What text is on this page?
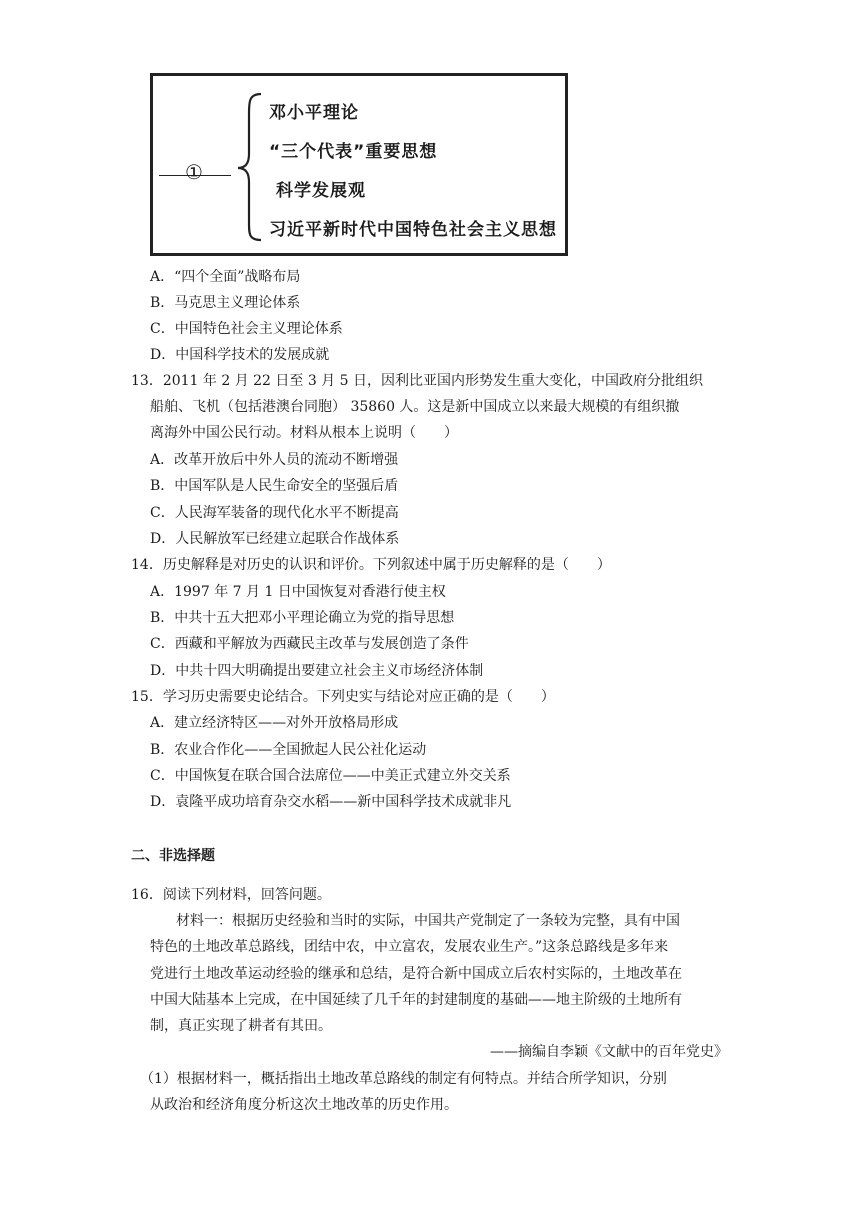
①
邓小平理论
“三个代表”重要思想
科学发展观
习近平新时代中国特色社会主义思想
A．“四个全面”战略布局
B．马克思主义理论体系
C．中国特色社会主义理论体系
D．中国科学技术的发展成就
13．2011 年 2 月 22 日至 3 月 5 日，因利比亚国内形势发生重大变化，中国政府分批组织
船舶、飞机（包括港澳台同胞） 35860 人。这是新中国成立以来最大规模的有组织撤
离海外中国公民行动。材料从根本上说明（　　）
A．改革开放后中外人员的流动不断增强
B．中国军队是人民生命安全的坚强后盾
C．人民海军装备的现代化水平不断提高
D．人民解放军已经建立起联合作战体系
14．历史解释是对历史的认识和评价。下列叙述中属于历史解释的是（　　）
A．1997 年 7 月 1 日中国恢复对香港行使主权
B．中共十五大把邓小平理论确立为党的指导思想
C．西藏和平解放为西藏民主改革与发展创造了条件
D．中共十四大明确提出要建立社会主义市场经济体制
15．学习历史需要史论结合。下列史实与结论对应正确的是（　　）
A．建立经济特区——对外开放格局形成
B．农业合作化——全国掀起人民公社化运动
C．中国恢复在联合国合法席位——中美正式建立外交关系
D．袁隆平成功培育杂交水稻——新中国科学技术成就非凡
二、非选择题
16．阅读下列材料，回答问题。
材料一：根据历史经验和当时的实际，中国共产党制定了一条较为完整，具有中国
特色的土地改革总路线，团结中农，中立富农，发展农业生产。”这条总路线是多年来
党进行土地改革运动经验的继承和总结，是符合新中国成立后农村实际的，土地改革在
中国大陆基本上完成，在中国延续了几千年的封建制度的基础——地主阶级的土地所有
制，真正实现了耕者有其田。
——摘编自李颖《文献中的百年党史》
（1）根据材料一，概括指出土地改革总路线的制定有何特点。并结合所学知识，分别
从政治和经济角度分析这次土地改革的历史作用。
